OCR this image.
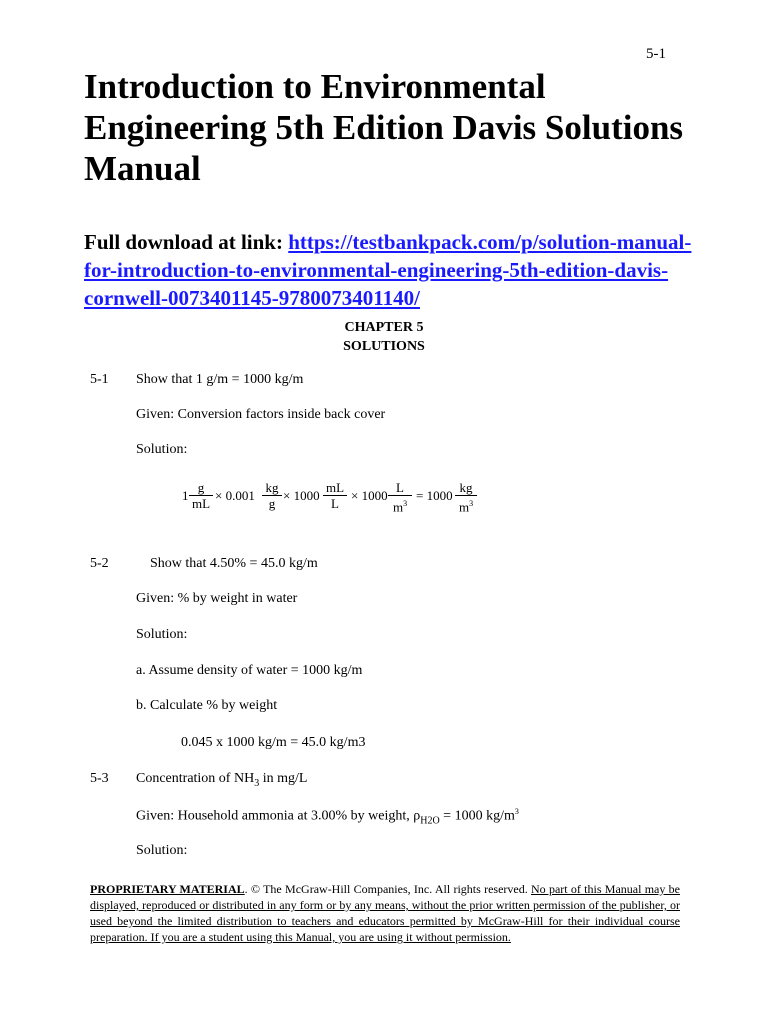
5-1
Introduction to Environmental Engineering 5th Edition Davis Solutions Manual
Full download at link: https://testbankpack.com/p/solution-manual-for-introduction-to-environmental-engineering-5th-edition-davis-cornwell-0073401145-9780073401140/
CHAPTER 5
SOLUTIONS
5-1 Show that 1 g/m = 1000 kg/m
Given: Conversion factors inside back cover
Solution:
$1 \frac{g}{mL} \times 0.001 \frac{kg}{g} \times 1000 \frac{mL}{L} \times 1000 \frac{L}{m^3} = 1000 \frac{kg}{m^3}$
5-2	Show that 4.50% = 45.0 kg/m
Given: % by weight in water
Solution:
a. Assume density of water = 1000 kg/m
b. Calculate % by weight
0.045 x 1000 kg/m = 45.0 kg/m3
5-3 Concentration of $NH_3$ in mg/L
Given: Household ammonia at 3.00% by weight, $\rho_{H2O} = 1000$ $kg/m^3$
Solution:
PROPRIETARY MATERIAL. © The McGraw-Hill Companies, Inc. All rights reserved. No part of this Manual may be displayed, reproduced or distributed in any form or by any means, without the prior written permission of the publisher, or used beyond the limited distribution to teachers and educators permitted by McGraw-Hill for their individual course preparation. If you are a student using this Manual, you are using it without permission.
